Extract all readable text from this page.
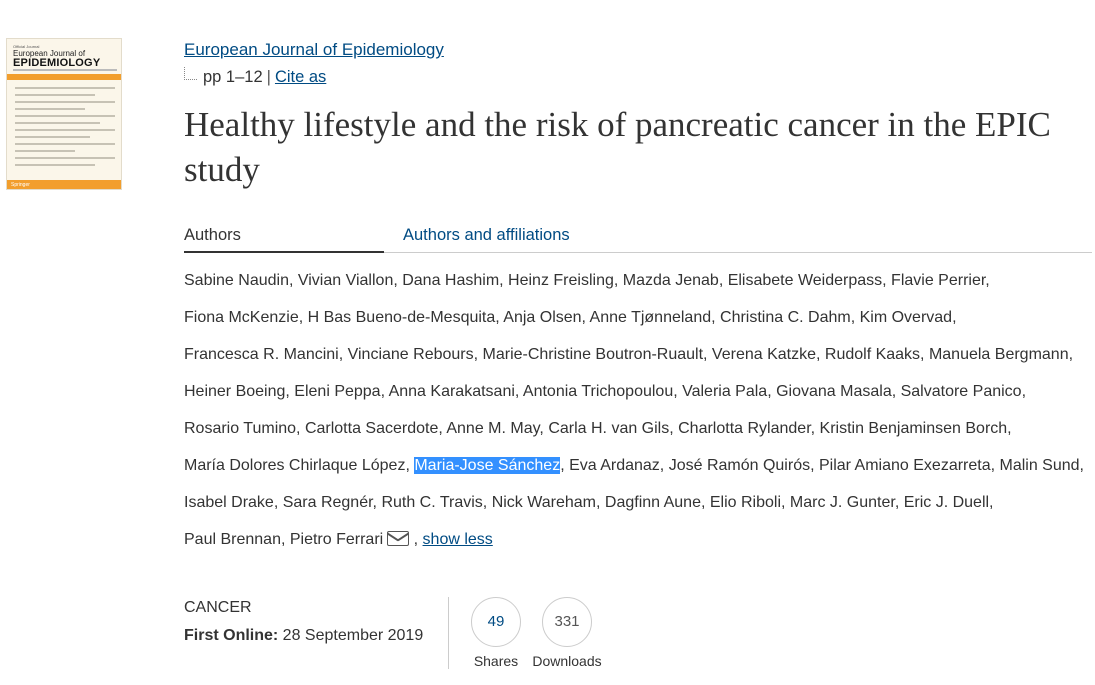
Official Journal
European Journal of
EPIDEMIOLOGY
Springer
European Journal of Epidemiology
pp 1–12 | Cite as
Healthy lifestyle and the risk of pancreatic cancer in the EPIC study
Authors	Authors and affiliations
Sabine Naudin, Vivian Viallon, Dana Hashim, Heinz Freisling, Mazda Jenab, Elisabete Weiderpass, Flavie Perrier,
Fiona McKenzie, H Bas Bueno-de-Mesquita, Anja Olsen, Anne Tjønneland, Christina C. Dahm, Kim Overvad,
Francesca R. Mancini, Vinciane Rebours, Marie-Christine Boutron-Ruault, Verena Katzke, Rudolf Kaaks, Manuela Bergmann,
Heiner Boeing, Eleni Peppa, Anna Karakatsani, Antonia Trichopoulou, Valeria Pala, Giovana Masala, Salvatore Panico,
Rosario Tumino, Carlotta Sacerdote, Anne M. May, Carla H. van Gils, Charlotta Rylander, Kristin Benjaminsen Borch,
María Dolores Chirlaque López, Maria-Jose Sánchez, Eva Ardanaz, José Ramón Quirós, Pilar Amiano Exezarreta, Malin Sund,
Isabel Drake, Sara Regnér, Ruth C. Travis, Nick Wareham, Dagfinn Aune, Elio Riboli, Marc J. Gunter, Eric J. Duell,
Paul Brennan, Pietro Ferrari , show less
CANCER
First Online: 28 September 2019
49
Shares
331
Downloads
